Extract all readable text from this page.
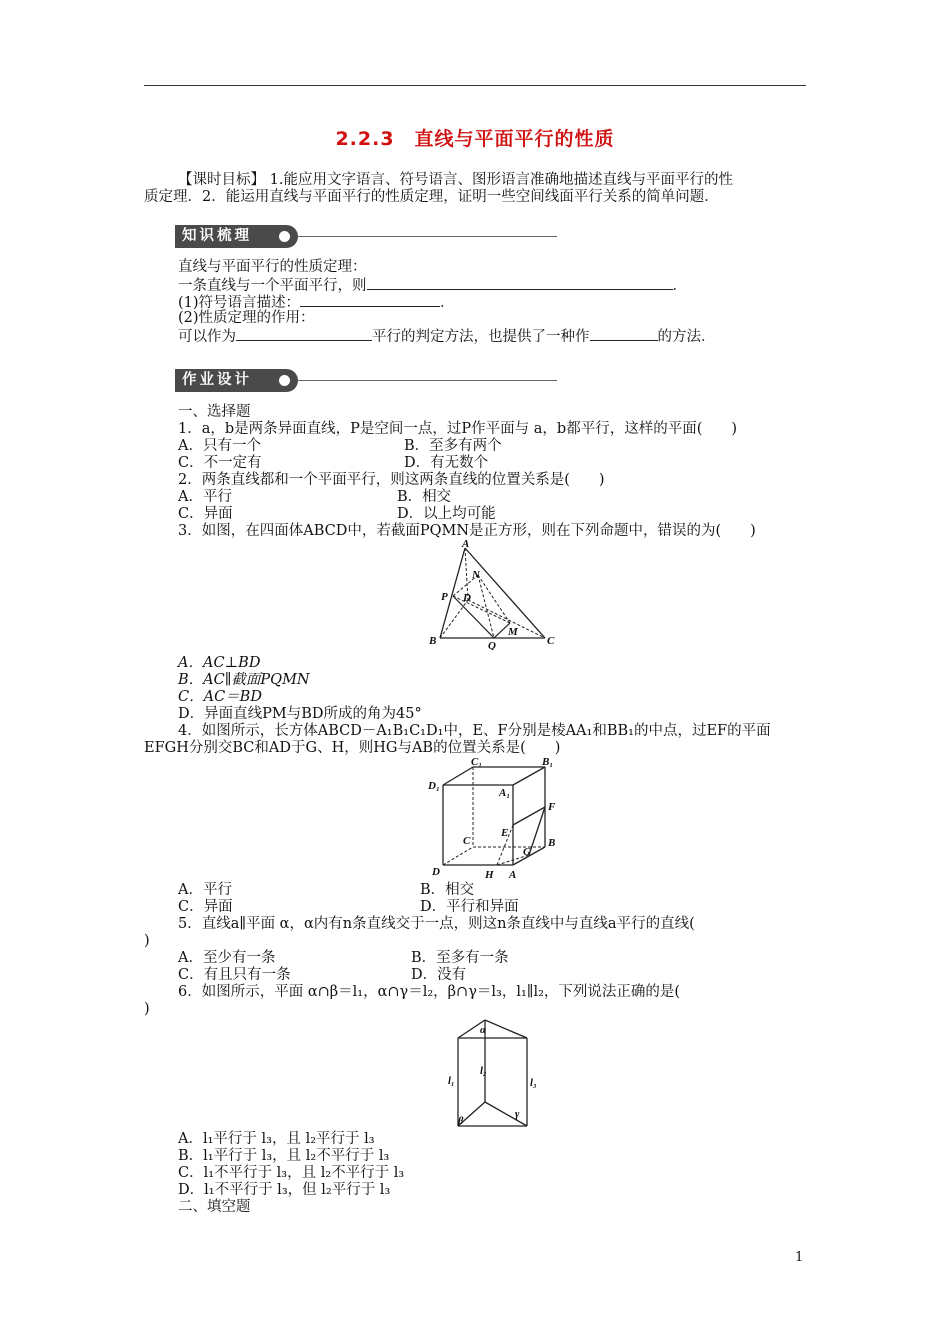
2.2.3　直线与平面平行的性质
【课时目标】 1.能应用文字语言、符号语言、图形语言准确地描述直线与平面平行的性
质定理．2．能运用直线与平面平行的性质定理，证明一些空间线面平行关系的简单问题．
知识梳理
直线与平面平行的性质定理：
一条直线与一个平面平行，则	．
(1)符号语言描述：	．
(2)性质定理的作用：
可以作为	平行的判定方法，也提供了一种作	的方法．
作业设计
一、选择题
1．a，b是两条异面直线，P是空间一点，过P作平面与 a，b都平行，这样的平面(　　)
A．只有一个	B．至多有两个
C．不一定有	D．有无数个
2．两条直线都和一个平面平行，则这两条直线的位置关系是(　　)
A．平行	B．相交
C．异面	D．以上均可能
3．如图，在四面体ABCD中，若截面PQMN是正方形，则在下列命题中，错误的为(　　)
A
N
P D
M
B	Q	C
A．AC⊥BD
B．AC∥截面PQMN
C．AC＝BD
D．异面直线PM与BD所成的角为45°
4．如图所示，长方体ABCD－A₁B₁C₁D₁中，E、F分别是棱AA₁和BB₁的中点，过EF的平面
EFGH分别交BC和AD于G、H，则HG与AB的位置关系是(　　)
C₁	B₁
D₁
A₁
F
C
E
B
G
D	H A
A．平行	B．相交
C．异面	D．平行和异面
5．直线a∥平面 α，α内有n条直线交于一点，则这n条直线中与直线a平行的直线(
)
A．至少有一条	B．至多有一条
C．有且只有一条	D．没有
6．如图所示，平面 α∩β＝l₁，α∩γ＝l₂，β∩γ＝l₃，l₁∥l₂，下列说法正确的是(
)
α
l₂
l₁	l₃
β
γ
A．l₁平行于 l₃，且 l₂平行于 l₃
B．l₁平行于 l₃，且 l₂不平行于 l₃
C．l₁不平行于 l₃，且 l₂不平行于 l₃
D．l₁不平行于 l₃，但 l₂平行于 l₃
二、填空题
1
